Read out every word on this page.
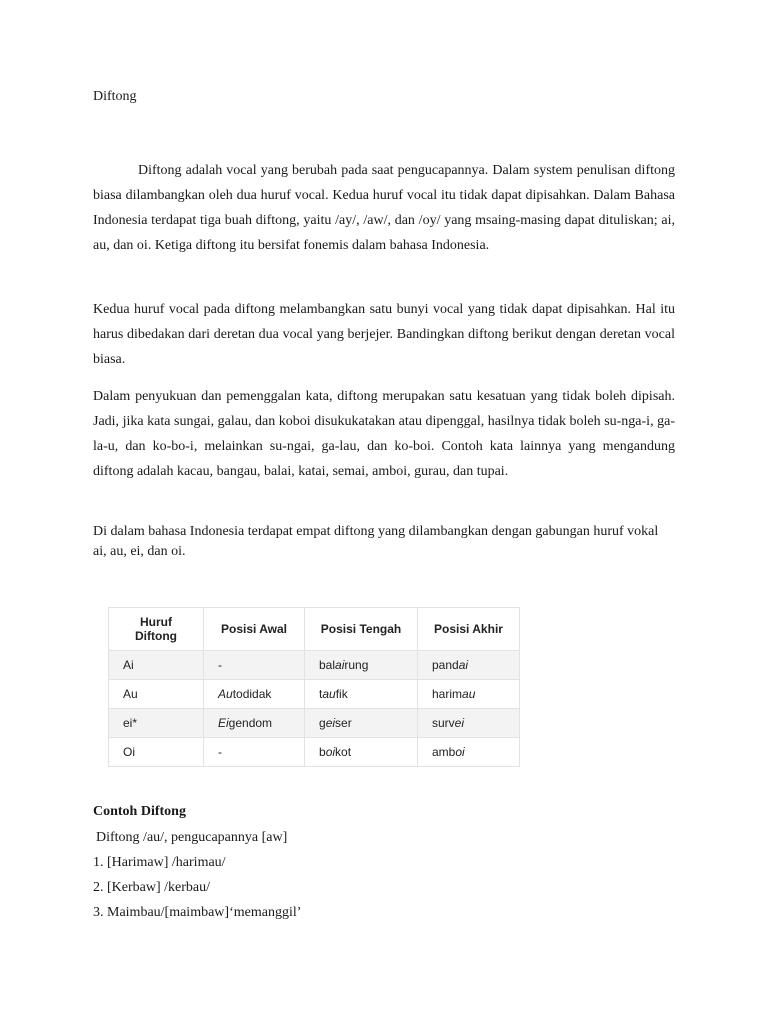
Diftong

Diftong adalah vocal yang berubah pada saat pengucapannya. Dalam system penulisan diftong biasa dilambangkan oleh dua huruf vocal. Kedua huruf vocal itu tidak dapat dipisahkan. Dalam Bahasa Indonesia terdapat tiga buah diftong, yaitu /ay/, /aw/, dan /oy/ yang msaing-masing dapat dituliskan; ai, au, dan oi. Ketiga diftong itu bersifat fonemis dalam bahasa Indonesia.

Kedua huruf vocal pada diftong melambangkan satu bunyi vocal yang tidak dapat dipisahkan. Hal itu harus dibedakan dari deretan dua vocal yang berjejer. Bandingkan diftong berikut dengan deretan vocal biasa.

Dalam penyukuan dan pemenggalan kata, diftong merupakan satu kesatuan yang tidak boleh dipisah. Jadi, jika kata sungai, galau, dan koboi disukukatakan atau dipenggal, hasilnya tidak boleh su-nga-i, ga-la-u, dan ko-bo-i, melainkan su-ngai, ga-lau, dan ko-boi. Contoh kata lainnya yang mengandung diftong adalah kacau, bangau, balai, katai, semai, amboi, gurau, dan tupai.

Di dalam bahasa Indonesia terdapat empat diftong yang dilambangkan dengan gabungan huruf vokal ai, au, ei, dan oi.

Huruf Diftong	Posisi Awal	Posisi Tengah	Posisi Akhir
Ai	-	balairung	pandai
Au	Autodidak	taufik	harimau
ei*	Eigendom	geiser	survei
Oi	-	boikot	amboi
Contoh Diftong
Diftong /au/, pengucapannya [aw]
1. [Harimaw] /harimau/
2. [Kerbaw] /kerbau/
3. Maimbau/[maimbaw]‘memanggil’
